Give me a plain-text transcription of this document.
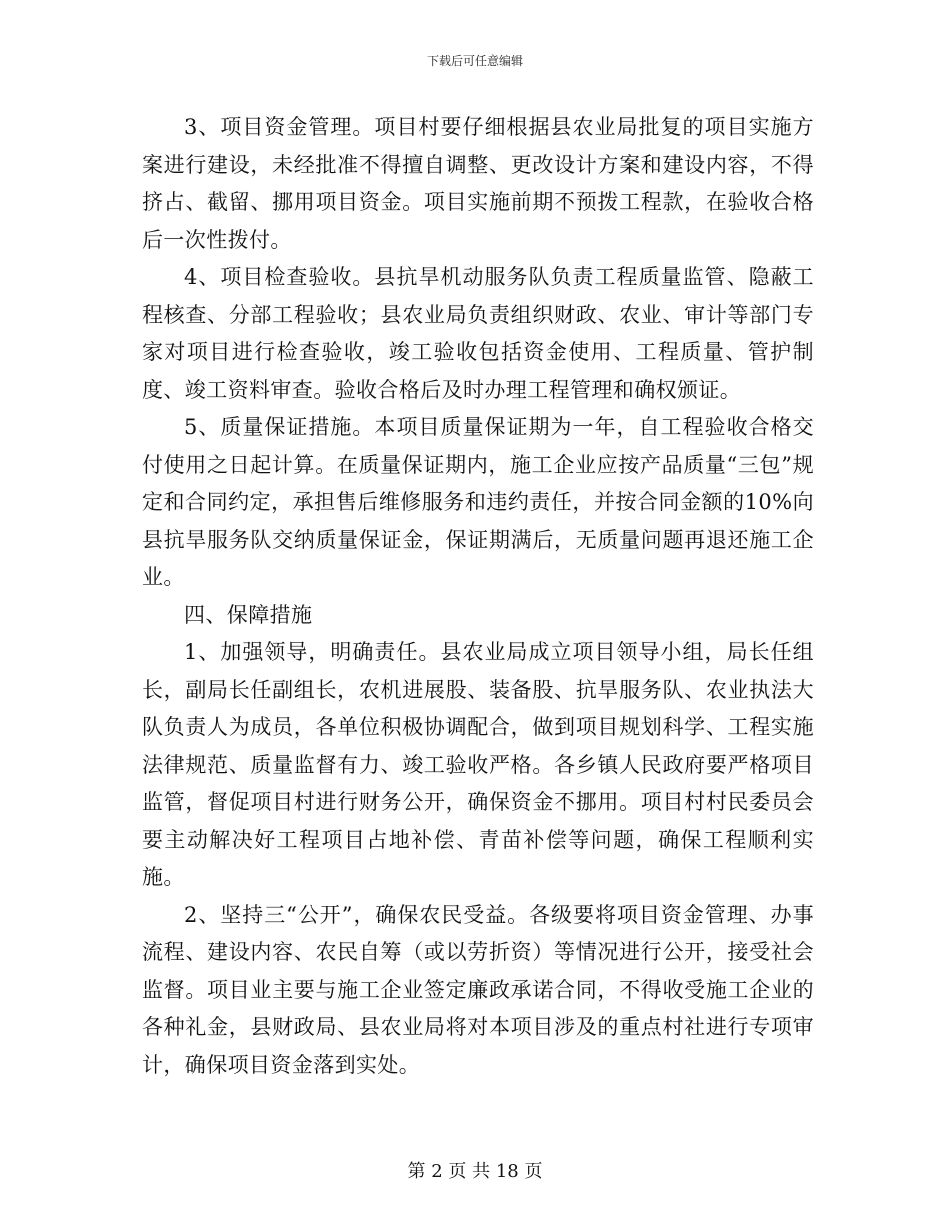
下载后可任意编辑

3、项目资金管理。项目村要仔细根据县农业局批复的项目实施方案进行建设，未经批准不得擅自调整、更改设计方案和建设内容，不得挤占、截留、挪用项目资金。项目实施前期不预拨工程款，在验收合格后一次性拨付。

4、项目检查验收。县抗旱机动服务队负责工程质量监管、隐蔽工程核查、分部工程验收；县农业局负责组织财政、农业、审计等部门专家对项目进行检查验收，竣工验收包括资金使用、工程质量、管护制度、竣工资料审查。验收合格后及时办理工程管理和确权颁证。

5、质量保证措施。本项目质量保证期为一年，自工程验收合格交付使用之日起计算。在质量保证期内，施工企业应按产品质量“三包”规定和合同约定，承担售后维修服务和违约责任，并按合同金额的10%向县抗旱服务队交纳质量保证金，保证期满后，无质量问题再退还施工企业。

四、保障措施

1、加强领导，明确责任。县农业局成立项目领导小组，局长任组长，副局长任副组长，农机进展股、装备股、抗旱服务队、农业执法大队负责人为成员，各单位积极协调配合，做到项目规划科学、工程实施法律规范、质量监督有力、竣工验收严格。各乡镇人民政府要严格项目监管，督促项目村进行财务公开，确保资金不挪用。项目村村民委员会要主动解决好工程项目占地补偿、青苗补偿等问题，确保工程顺利实施。

2、坚持三“公开”，确保农民受益。各级要将项目资金管理、办事流程、建设内容、农民自筹（或以劳折资）等情况进行公开，接受社会监督。项目业主要与施工企业签定廉政承诺合同，不得收受施工企业的各种礼金，县财政局、县农业局将对本项目涉及的重点村社进行专项审计，确保项目资金落到实处。

第 2 页 共 18 页
